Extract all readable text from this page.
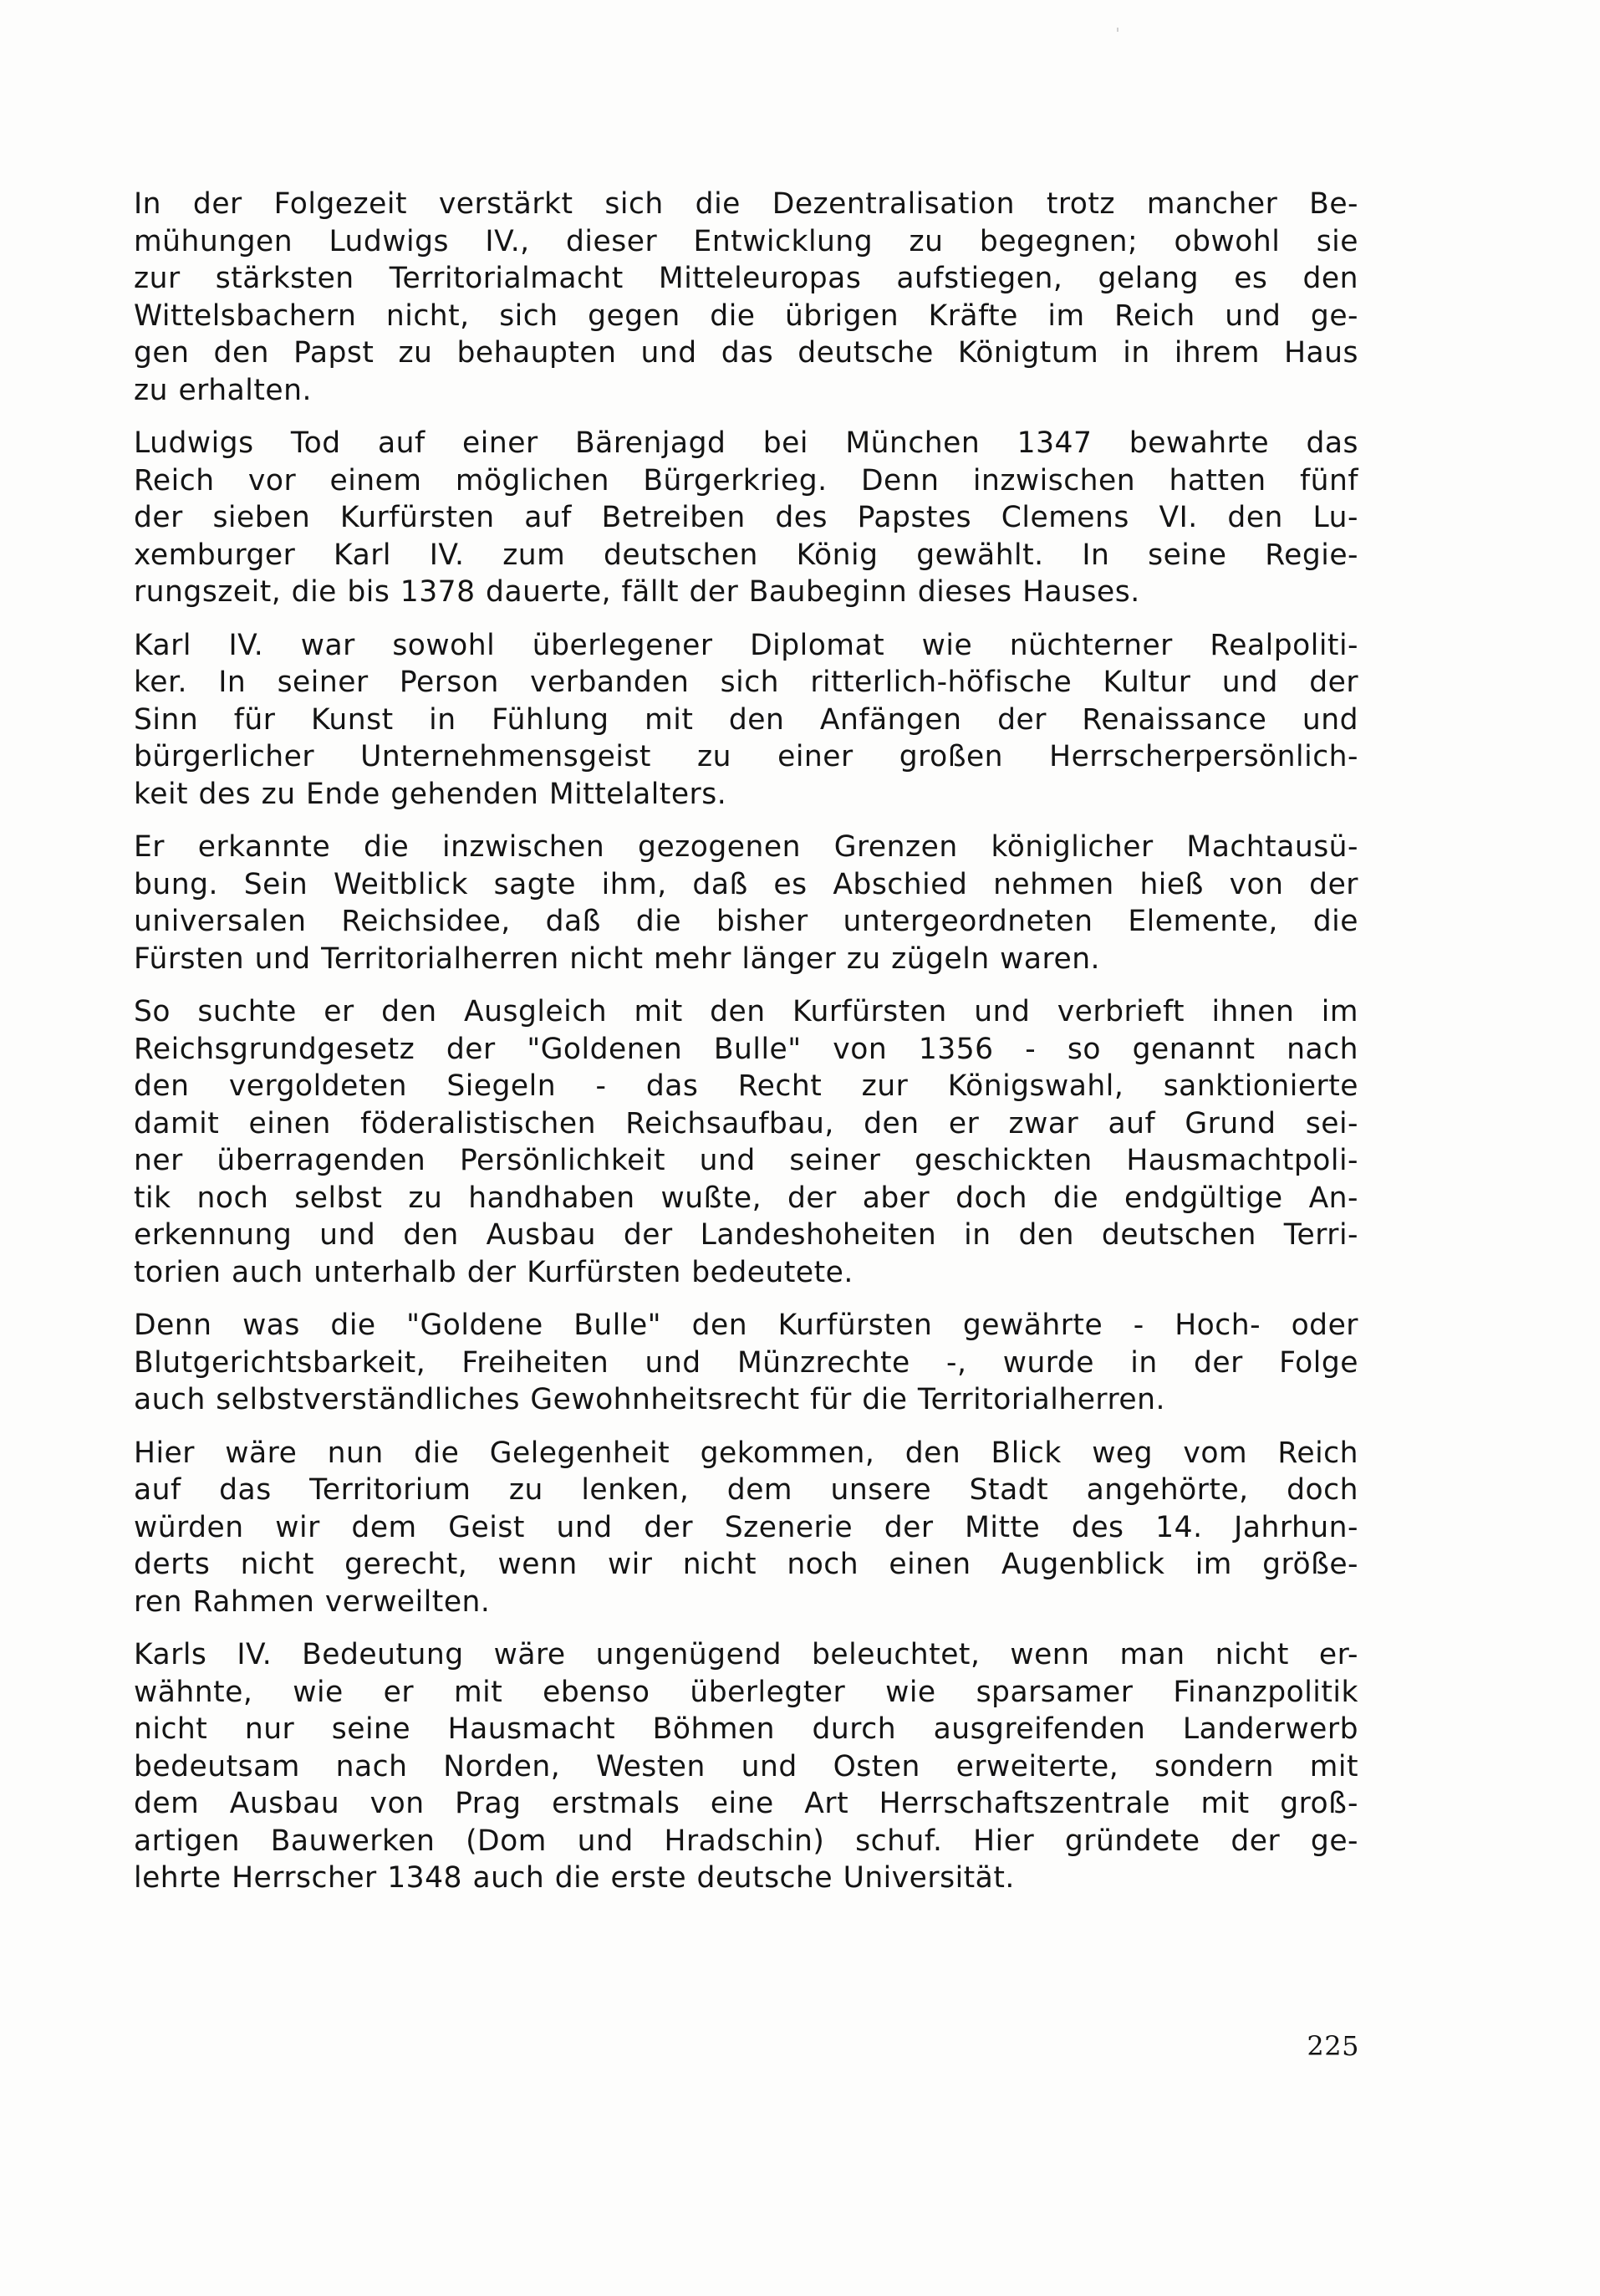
In der Folgezeit verstärkt sich die Dezentralisation trotz mancher Be-
mühungen Ludwigs IV., dieser Entwicklung zu begegnen; obwohl sie
zur stärksten Territorialmacht Mitteleuropas aufstiegen, gelang es den
Wittelsbachern nicht, sich gegen die übrigen Kräfte im Reich und ge-
gen den Papst zu behaupten und das deutsche Königtum in ihrem Haus
zu erhalten.
Ludwigs Tod auf einer Bärenjagd bei München 1347 bewahrte das
Reich vor einem möglichen Bürgerkrieg. Denn inzwischen hatten fünf
der sieben Kurfürsten auf Betreiben des Papstes Clemens VI. den Lu-
xemburger Karl IV. zum deutschen König gewählt. In seine Regie-
rungszeit, die bis 1378 dauerte, fällt der Baubeginn dieses Hauses.
Karl IV. war sowohl überlegener Diplomat wie nüchterner Realpoliti-
ker. In seiner Person verbanden sich ritterlich-höfische Kultur und der
Sinn für Kunst in Fühlung mit den Anfängen der Renaissance und
bürgerlicher Unternehmensgeist zu einer großen Herrscherpersönlich-
keit des zu Ende gehenden Mittelalters.
Er erkannte die inzwischen gezogenen Grenzen königlicher Machtausü-
bung. Sein Weitblick sagte ihm, daß es Abschied nehmen hieß von der
universalen Reichsidee, daß die bisher untergeordneten Elemente, die
Fürsten und Territorialherren nicht mehr länger zu zügeln waren.
So suchte er den Ausgleich mit den Kurfürsten und verbrieft ihnen im
Reichsgrundgesetz der "Goldenen Bulle" von 1356 - so genannt nach
den vergoldeten Siegeln - das Recht zur Königswahl, sanktionierte
damit einen föderalistischen Reichsaufbau, den er zwar auf Grund sei-
ner überragenden Persönlichkeit und seiner geschickten Hausmachtpoli-
tik noch selbst zu handhaben wußte, der aber doch die endgültige An-
erkennung und den Ausbau der Landeshoheiten in den deutschen Terri-
torien auch unterhalb der Kurfürsten bedeutete.
Denn was die "Goldene Bulle" den Kurfürsten gewährte - Hoch- oder
Blutgerichtsbarkeit, Freiheiten und Münzrechte -, wurde in der Folge
auch selbstverständliches Gewohnheitsrecht für die Territorialherren.
Hier wäre nun die Gelegenheit gekommen, den Blick weg vom Reich
auf das Territorium zu lenken, dem unsere Stadt angehörte, doch
würden wir dem Geist und der Szenerie der Mitte des 14. Jahrhun-
derts nicht gerecht, wenn wir nicht noch einen Augenblick im größe-
ren Rahmen verweilten.
Karls IV. Bedeutung wäre ungenügend beleuchtet, wenn man nicht er-
wähnte, wie er mit ebenso überlegter wie sparsamer Finanzpolitik
nicht nur seine Hausmacht Böhmen durch ausgreifenden Landerwerb
bedeutsam nach Norden, Westen und Osten erweiterte, sondern mit
dem Ausbau von Prag erstmals eine Art Herrschaftszentrale mit groß-
artigen Bauwerken (Dom und Hradschin) schuf. Hier gründete der ge-
lehrte Herrscher 1348 auch die erste deutsche Universität.
225
